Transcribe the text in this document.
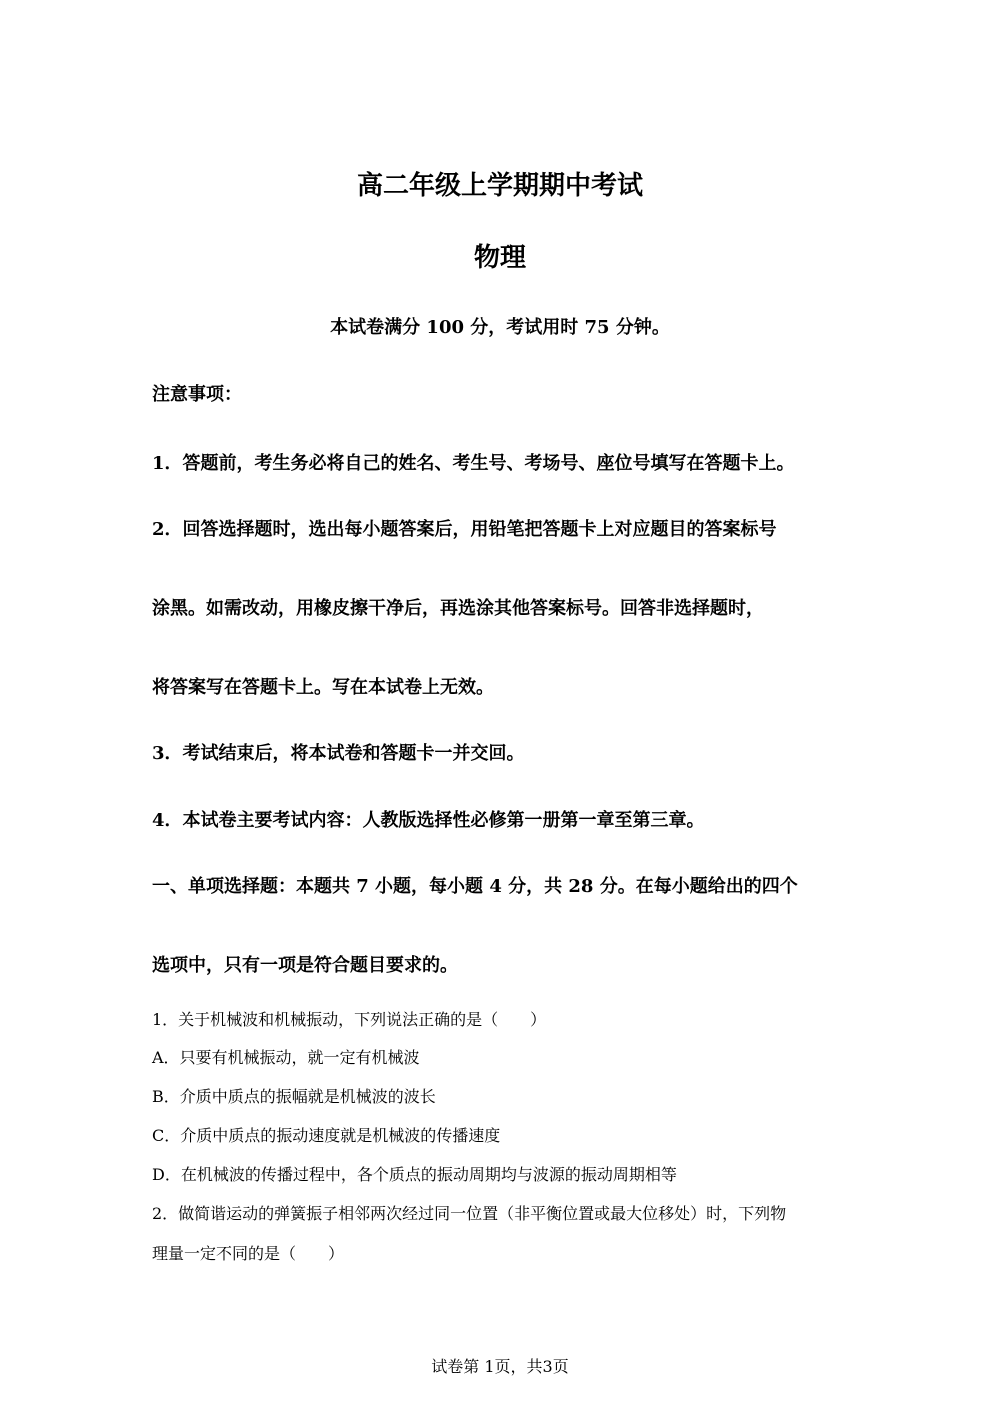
高二年级上学期期中考试
物理
本试卷满分 100 分，考试用时 75 分钟。
注意事项：
1．答题前，考生务必将自己的姓名、考生号、考场号、座位号填写在答题卡上。
2．回答选择题时，选出每小题答案后，用铅笔把答题卡上对应题目的答案标号
涂黑。如需改动，用橡皮擦干净后，再选涂其他答案标号。回答非选择题时，
将答案写在答题卡上。写在本试卷上无效。
3．考试结束后，将本试卷和答题卡一并交回。
4．本试卷主要考试内容：人教版选择性必修第一册第一章至第三章。
一、单项选择题：本题共 7 小题，每小题 4 分，共 28 分。在每小题给出的四个
选项中，只有一项是符合题目要求的。
1．关于机械波和机械振动，下列说法正确的是（　　）
A．只要有机械振动，就一定有机械波
B．介质中质点的振幅就是机械波的波长
C．介质中质点的振动速度就是机械波的传播速度
D．在机械波的传播过程中，各个质点的振动周期均与波源的振动周期相等
2．做简谐运动的弹簧振子相邻两次经过同一位置（非平衡位置或最大位移处）时，下列物
理量一定不同的是（　　）
试卷第 1页，共3页
